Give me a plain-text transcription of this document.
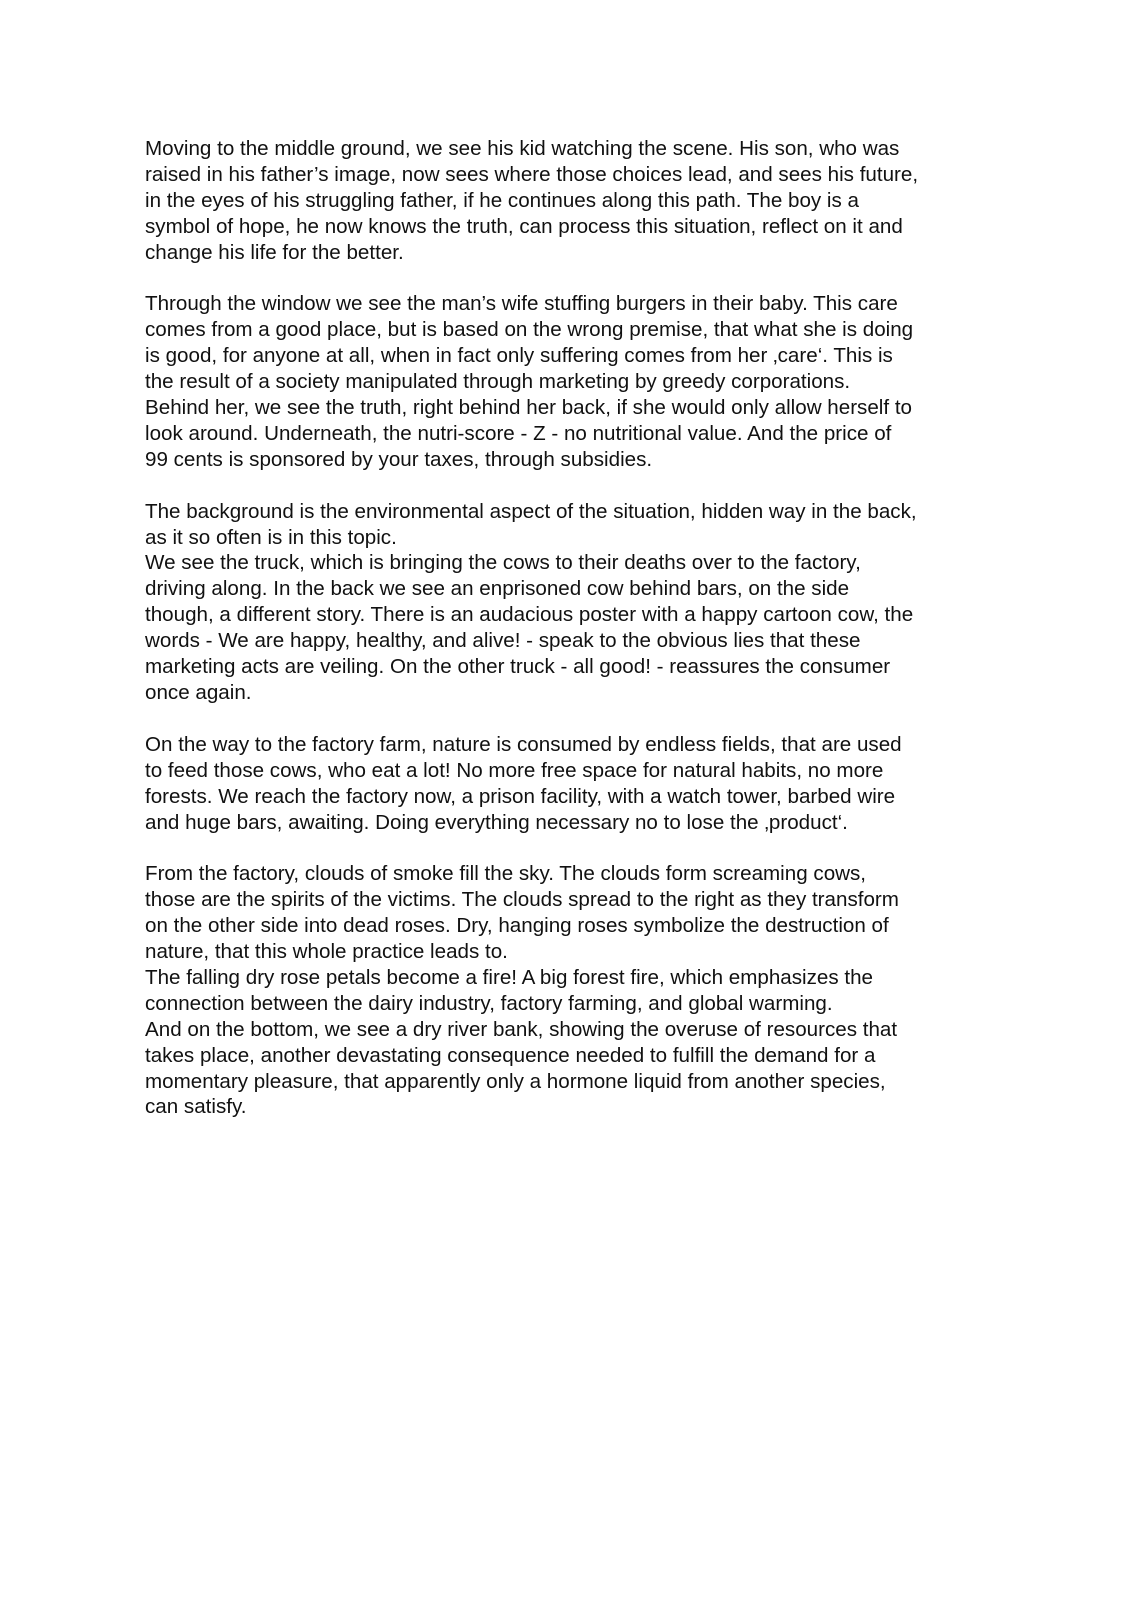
Moving to the middle ground, we see his kid watching the scene. His son, who was
raised in his father’s image, now sees where those choices lead, and sees his future,
in the eyes of his struggling father, if he continues along this path. The boy is a
symbol of hope, he now knows the truth, can process this situation, reflect on it and
change his life for the better.

Through the window we see the man’s wife stuffing burgers in their baby. This care
comes from a good place, but is based on the wrong premise, that what she is doing
is good, for anyone at all, when in fact only suffering comes from her ‚care‘. This is
the result of a society manipulated through marketing by greedy corporations.
Behind her, we see the truth, right behind her back, if she would only allow herself to
look around. Underneath, the nutri-score - Z - no nutritional value. And the price of
99 cents is sponsored by your taxes, through subsidies.

The background is the environmental aspect of the situation, hidden way in the back,
as it so often is in this topic.
We see the truck, which is bringing the cows to their deaths over to the factory,
driving along. In the back we see an enprisoned cow behind bars, on the side
though, a different story. There is an audacious poster with a happy cartoon cow, the
words - We are happy, healthy, and alive! - speak to the obvious lies that these
marketing acts are veiling. On the other truck - all good! - reassures the consumer
once again.

On the way to the factory farm, nature is consumed by endless fields, that are used
to feed those cows, who eat a lot! No more free space for natural habits, no more
forests. We reach the factory now, a prison facility, with a watch tower, barbed wire
and huge bars, awaiting. Doing everything necessary no to lose the ‚product‘.

From the factory, clouds of smoke fill the sky. The clouds form screaming cows,
those are the spirits of the victims. The clouds spread to the right as they transform
on the other side into dead roses. Dry, hanging roses symbolize the destruction of
nature, that this whole practice leads to.
The falling dry rose petals become a fire! A big forest fire, which emphasizes the
connection between the dairy industry, factory farming, and global warming.
And on the bottom, we see a dry river bank, showing the overuse of resources that
takes place, another devastating consequence needed to fulfill the demand for a
momentary pleasure, that apparently only a hormone liquid from another species,
can satisfy.
